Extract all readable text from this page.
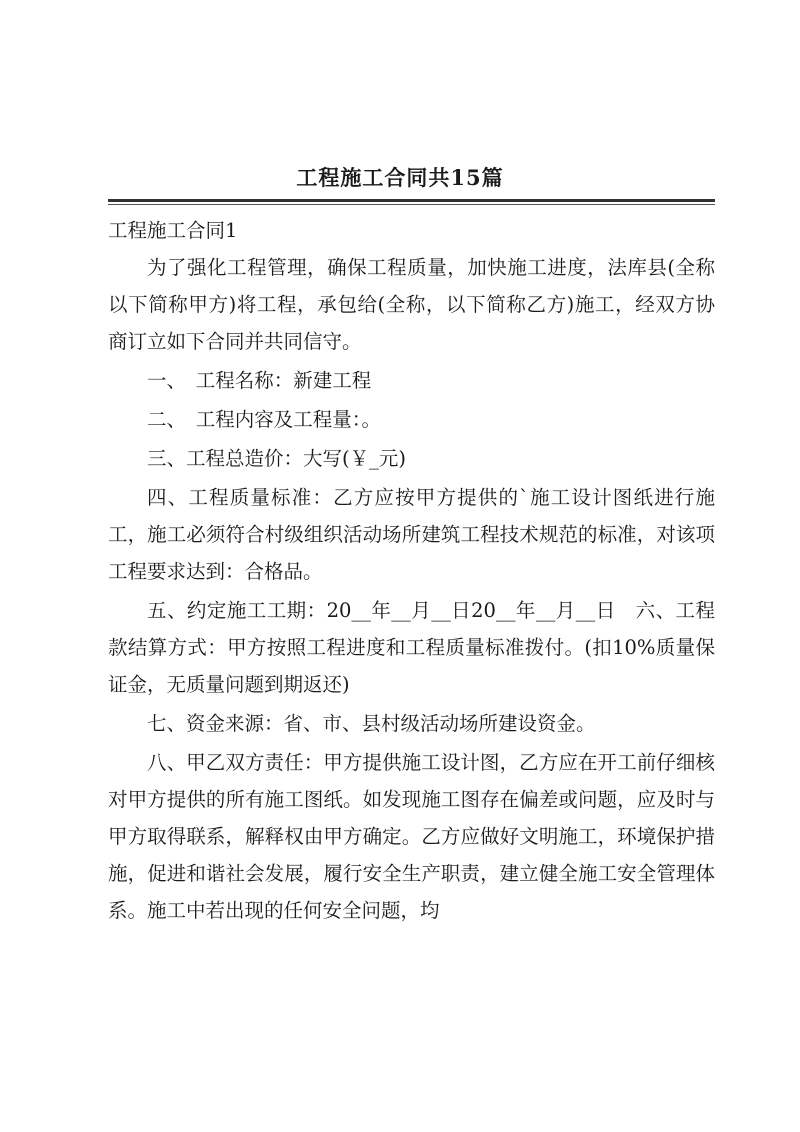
工程施工合同共15篇

工程施工合同1

为了强化工程管理，确保工程质量，加快施工进度，法库县(全称以下简称甲方)将工程，承包给(全称，以下简称乙方)施工，经双方协商订立如下合同并共同信守。

一、　工程名称：新建工程

二、　工程内容及工程量：。

三、工程总造价：大写(￥_元)

四、工程质量标准：乙方应按甲方提供的`施工设计图纸进行施工，施工必须符合村级组织活动场所建筑工程技术规范的标准，对该项工程要求达到：合格品。

五、约定施工工期：20__年__月__日20__年__月__日　六、工程款结算方式：甲方按照工程进度和工程质量标准拨付。(扣10%质量保证金，无质量问题到期返还)

七、资金来源：省、市、县村级活动场所建设资金。

八、甲乙双方责任：甲方提供施工设计图，乙方应在开工前仔细核对甲方提供的所有施工图纸。如发现施工图存在偏差或问题，应及时与甲方取得联系，解释权由甲方确定。乙方应做好文明施工，环境保护措施，促进和谐社会发展，履行安全生产职责，建立健全施工安全管理体系。施工中若出现的任何安全问题，均
